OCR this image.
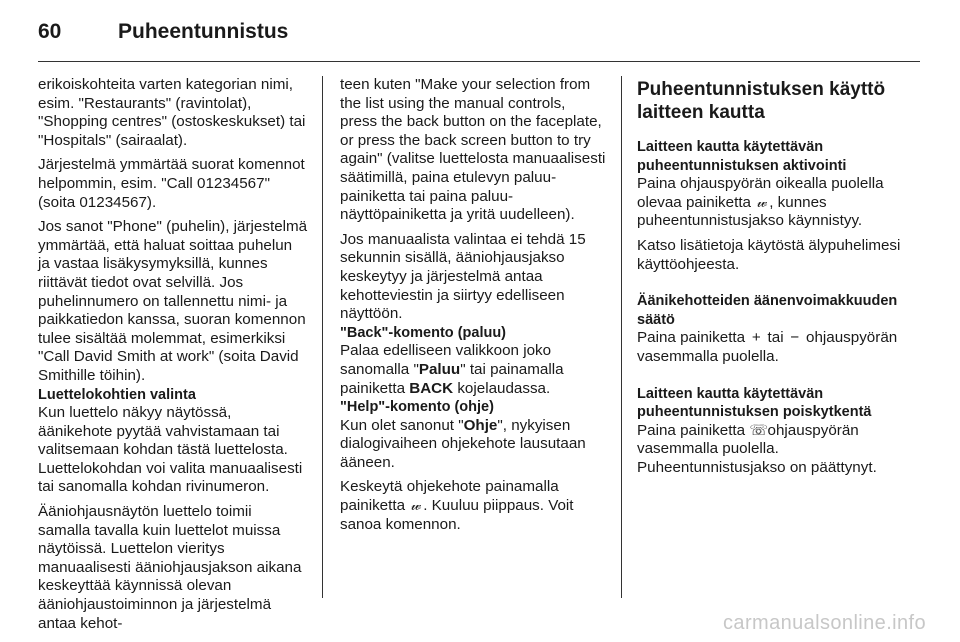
60	Puheentunnistus

erikoiskohteita varten kategorian nimi, esim. "Restaurants" (ravintolat), "Shopping centres" (ostoskeskukset) tai "Hospitals" (sairaalat).

Järjestelmä ymmärtää suorat komennot helpommin, esim. "Call 01234567" (soita 01234567).

Jos sanot "Phone" (puhelin), järjestelmä ymmärtää, että haluat soittaa puhelun ja vastaa lisäkysymyksillä, kunnes riittävät tiedot ovat selvillä. Jos puhelinnumero on tallennettu nimi- ja paikkatiedon kanssa, suoran komennon tulee sisältää molemmat, esimerkiksi "Call David Smith at work" (soita David Smithille töihin).

Luettelokohtien valinta

Kun luettelo näkyy näytössä, äänikehote pyytää vahvistamaan tai valitsemaan kohdan tästä luettelosta. Luettelokohdan voi valita manuaalisesti tai sanomalla kohdan rivinumeron.

Ääniohjausnäytön luettelo toimii samalla tavalla kuin luettelot muissa näytöissä. Luettelon vieritys manuaalisesti ääniohjausjakson aikana keskeyttää käynnissä olevan ääniohjaustoiminnon ja järjestelmä antaa kehot-

teen kuten "Make your selection from the list using the manual controls, press the back button on the faceplate, or press the back screen button to try again" (valitse luettelosta manuaalisesti säätimillä, paina etulevyn paluu-painiketta tai paina paluu-näyttöpainiketta ja yritä uudelleen).

Jos manuaalista valintaa ei tehdä 15 sekunnin sisällä, ääniohjausjakso keskeytyy ja järjestelmä antaa kehotteviestin ja siirtyy edelliseen näyttöön.

"Back"-komento (paluu)

Palaa edelliseen valikkoon joko sanomalla "Paluu" tai painamalla painiketta BACK kojelaudassa.

"Help"-komento (ohje)

Kun olet sanonut "Ohje", nykyisen dialogivaiheen ohjekehote lausutaan ääneen.

Keskeytä ohjekehote painamalla painiketta 𝓌 . Kuuluu piippaus. Voit sanoa komennon.

Puheentunnistuksen käyttö laitteen kautta

Laitteen kautta käytettävän puheentunnistuksen aktivointi

Paina ohjauspyörän oikealla puolella olevaa painiketta 𝓌 , kunnes puheentunnistusjakso käynnistyy.

Katso lisätietoja käytöstä älypuhelimesi käyttöohjeesta.

Äänikehotteiden äänenvoimakkuuden säätö

Paina painiketta + tai − ohjauspyörän vasemmalla puolella.

Laitteen kautta käytettävän puheentunnistuksen poiskytkentä

Paina painiketta ☏ ohjauspyörän vasemmalla puolella. Puheentunnistusjakso on päättynyt.

carmanualsonline.info
